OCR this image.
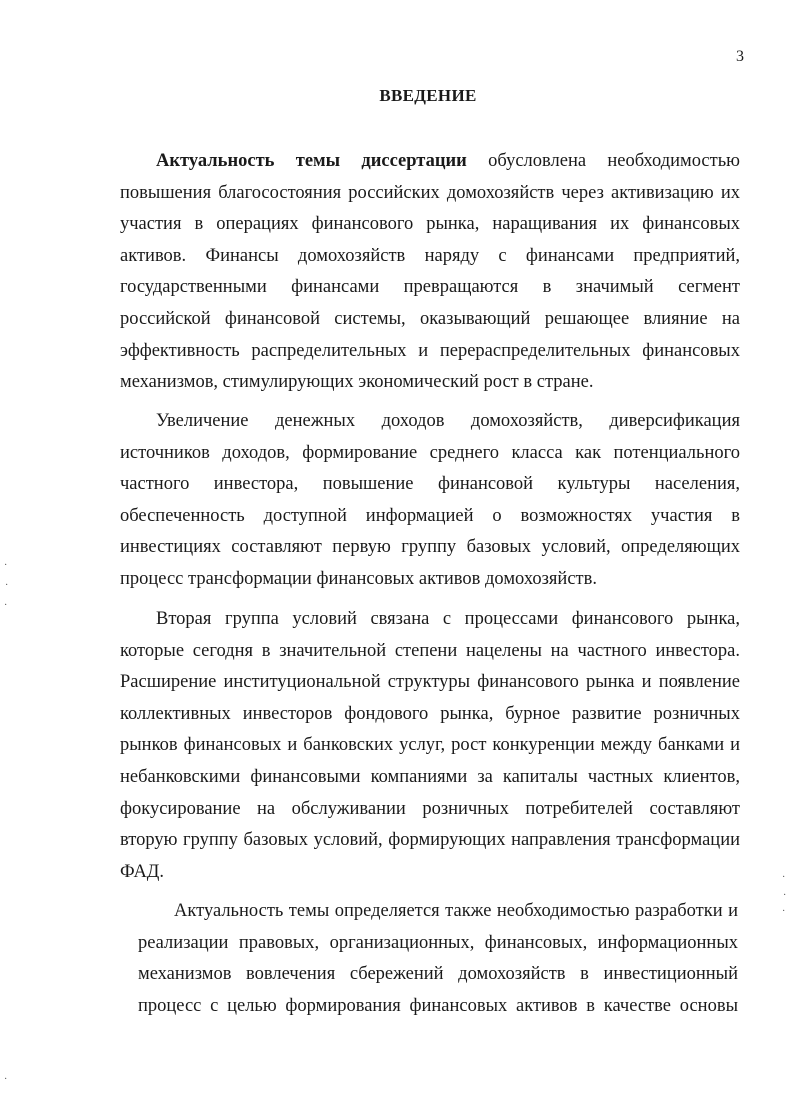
3
ВВЕДЕНИЕ
Актуальность темы диссертации обусловлена необходимостью
повышения благосостояния российских домохозяйств через активизацию их
участия в операциях финансового рынка, наращивания их финансовых
активов. Финансы домохозяйств наряду с финансами предприятий,
государственными финансами превращаются в значимый сегмент
российской финансовой системы, оказывающий решающее влияние на
эффективность распределительных и перераспределительных финансовых
механизмов, стимулирующих экономический рост в стране.
Увеличение денежных доходов домохозяйств, диверсификация
источников доходов, формирование среднего класса как потенциального
частного инвестора, повышение финансовой культуры населения,
обеспеченность доступной информацией о возможностях участия в
инвестициях составляют первую группу базовых условий, определяющих
процесс трансформации финансовых активов домохозяйств.
Вторая группа условий связана с процессами финансового рынка,
которые сегодня в значительной степени нацелены на частного инвестора.
Расширение институциональной структуры финансового рынка и появление
коллективных инвесторов фондового рынка, бурное развитие розничных
рынков финансовых и банковских услуг, рост конкуренции между банками и
небанковскими финансовыми компаниями за капиталы частных клиентов,
фокусирование на обслуживании розничных потребителей составляют
вторую группу базовых условий, формирующих направления трансформации
ФАД.
Актуальность темы определяется также необходимостью разработки и
реализации правовых, организационных, финансовых, информационных
механизмов вовлечения сбережений домохозяйств в инвестиционный
процесс с целью формирования финансовых активов в качестве основы
·
·
·
·
·
·
·
